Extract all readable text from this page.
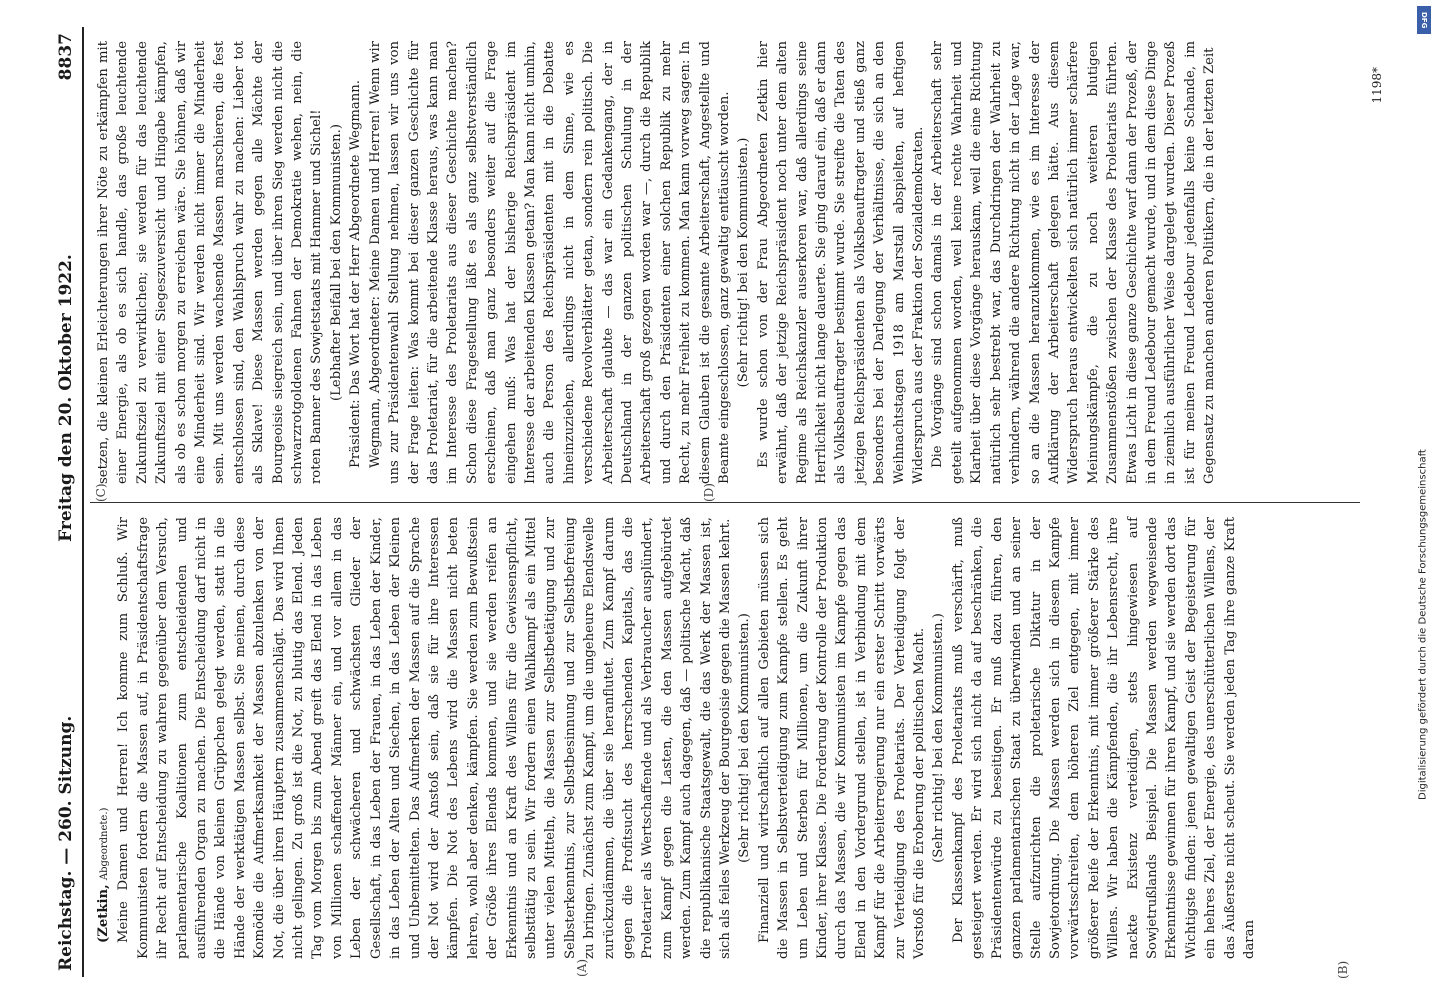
Reichstag. — 260. Sitzung.
Freitag den 20. Oktober 1922.
8837
(A)

(Zetkin, Abgeordnete.) Meine Damen und Herren! Ich komme zum Schluß. Wir Kommunisten fordern die Massen auf, in Präsidentschaftsfrage ihr Recht auf Entscheidung zu wahren gegenüber dem Versuch, parlamentarische Koalitionen zum entscheidenden und ausführenden Organ zu machen. Die Entscheidung darf nicht in die Hände von kleinen Grüppchen gelegt werden, statt in die Hände der werktätigen Massen selbst. Sie meinen, durch diese Komödie die Aufmerksamkeit der Massen abzulenken von der Not, die über ihren Häuptern zusammenschlägt. Das wird Ihnen nicht gelingen. Zu groß ist die Not, zu blutig das Elend. Jeden Tag vom Morgen bis zum Abend greift das Elend in das Leben von Millionen schaffender Männer ein, und vor allem in das Leben der schwächeren und schwächsten Glieder der Gesellschaft, in das Leben der Frauen, in das Leben der Kinder, in das Leben der Alten und Siechen, in das Leben der Kleinen und Unbemittelten. Das Aufmerken der Massen auf die Sprache der Not wird der Anstoß sein, daß sie für ihre Interessen kämpfen. Die Not des Lebens wird die Massen nicht beten lehren, wohl aber denken, kämpfen. Sie werden zum Bewußtsein der Größe ihres Elends kommen, und sie werden reifen an Erkenntnis und an Kraft des Willens für die Gewissenspflicht, selbsttätig zu sein. Wir fordern einen Wahlkampf als ein Mittel unter vielen Mitteln, die Massen zur Selbstbetätigung und zur Selbsterkenntnis, zur Selbstbesinnung und zur Selbstbefreiung zu bringen. Zunächst zum Kampf, um die ungeheure Elendswelle zurückzudämmen, die über sie heranflutet. Zum Kampf darum gegen die Profitsucht des herrschenden Kapitals, das die Proletarier als Wertschaffende und als Verbraucher ausplündert, zum Kampf gegen die Lasten, die den Massen aufgebürdet werden. Zum Kampf auch dagegen, daß — politische Macht, daß die republikanische Staatsgewalt, die das Werk der Massen ist, sich als feiles Werkzeug der Bourgeoisie gegen die Massen kehrt. (Sehr richtig! bei den Kommunisten.) Finanziell und wirtschaftlich auf allen Gebieten müssen sich die Massen in Selbstverteidigung zum Kampfe stellen. Es geht um Leben und Sterben für Millionen, um die Zukunft ihrer Kinder, ihrer Klasse. Die Forderung der Kontrolle der Produktion durch das Massen, die wir Kommunisten im Kampfe gegen das Elend in den Vordergrund stellen, ist in Verbindung mit dem Kampf für die Arbeiterregierung nur ein erster Schritt vorwärts zur Verteidigung des Proletariats. Der Verteidigung folgt der Vorstoß für die Eroberung der politischen Macht. (Sehr richtig! bei den Kommunisten.) Der Klassenkampf des Proletariats muß verschärft, muß gesteigert werden. Er wird sich nicht da auf beschränken, die Präsidentenwürde zu beseitigen. Er muß dazu führen, den ganzen parlamentarischen Staat zu überwinden und an seiner Stelle aufzurichten die proletarische Diktatur in der Sowjetordnung. Die Massen werden sich in diesem Kampfe vorwärtsschreiten, dem höheren Ziel entgegen, mit immer größerer Reife der Erkenntnis, mit immer größerer Stärke des Willens. Wir haben die Kämpfenden, die ihr Lebensrecht, ihre nackte Existenz verteidigen, stets hingewiesen auf Sowjetrußlands Beispiel. Die Massen werden wegweisende Erkenntnisse gewinnen für ihren Kampf, und sie werden dort das Wichtigste finden: jenen gewaltigen Geist der Begeisterung für ein hehres Ziel, der Energie, des unerschütterlichen Willens, der das Äußerste nicht scheut. Sie werden jeden Tag ihre ganze Kraft daran

(C)	(D)

setzen, die kleinen Erleichterungen ihrer Nöte zu erkämpfen mit einer Energie, als ob es sich handle, das große leuchtende Zukunftsziel zu verwirklichen; sie werden für das leuchtende Zukunftsziel mit einer Siegeszuversicht und Hingabe kämpfen, als ob es schon morgen zu erreichen wäre. Sie höhnen, daß wir eine Minderheit sind. Wir werden nicht immer die Minderheit sein. Mit uns werden wachsende Massen marschieren, die fest entschlossen sind, den Wahlspruch wahr zu machen: Lieber tot als Sklave! Diese Massen werden gegen alle Mächte der Bourgeoisie siegreich sein, und über ihren Sieg werden nicht die schwarzrotgoldenen Fahnen der Demokratie wehen, nein, die roten Banner des Sowjetstaats mit Hammer und Sichel! (Lebhafter Beifall bei den Kommunisten.) Präsident: Das Wort hat der Herr Abgeordnete Wegmann. Wegmann, Abgeordneter: Meine Damen und Herren! Wenn wir uns zur Präsidentenwahl Stellung nehmen, lassen wir uns von der Frage leiten: Was kommt bei dieser ganzen Geschichte für das Proletariat, für die arbeitende Klasse heraus, was kann man im Interesse des Proletariats aus dieser Geschichte machen? Schon diese Fragestellung läßt es als ganz selbstverständlich erscheinen, daß man ganz besonders weiter auf die Frage eingehen muß: Was hat der bisherige Reichspräsident im Interesse der arbeitenden Klassen getan? Man kann nicht umhin, auch die Person des Reichspräsidenten mit in die Debatte hineinzuziehen, allerdings nicht in dem Sinne, wie es verschiedene Revolverblätter getan, sondern rein politisch. Die Arbeiterschaft glaubte — das war ein Gedankengang, der in Deutschland in der ganzen politischen Schulung in der Arbeiterschaft groß gezogen worden war —, durch die Republik und durch den Präsidenten einer solchen Republik zu mehr Recht, zu mehr Freiheit zu kommen. Man kann vorweg sagen: In diesem Glauben ist die gesamte Arbeiterschaft, Angestellte und Beamte eingeschlossen, ganz gewaltig enttäuscht worden. (Sehr richtig! bei den Kommunisten.) Es wurde schon von der Frau Abgeordneten Zetkin hier erwähnt, daß der jetzige Reichspräsident noch unter dem alten Regime als Reichskanzler auserkoren war, daß allerdings seine Herrlichkeit nicht lange dauerte. Sie ging darauf ein, daß er dann als Volksbeauftragter bestimmt wurde. Sie streifte die Taten des jetzigen Reichspräsidenten als Volksbeauftragter und stieß ganz besonders bei der Darlegung der Verhältnisse, die sich an den Weihnachtstagen 1918 am Marstall abspielten, auf heftigen Widerspruch aus der Fraktion der Sozialdemokraten. Die Vorgänge sind schon damals in der Arbeiterschaft sehr geteilt aufgenommen worden, weil keine rechte Wahrheit und Klarheit über diese Vorgänge herauskam, weil die eine Richtung natürlich sehr bestrebt war, das Durchdringen der Wahrheit zu verhindern, während die andere Richtung nicht in der Lage war, so an die Massen heranzukommen, wie es im Interesse der Aufklärung der Arbeiterschaft gelegen hätte. Aus diesem Widerspruch heraus entwickelten sich natürlich immer schärfere Meinungskämpfe, die zu noch weiteren blutigen Zusammenstößen zwischen der Klasse des Proletariats führten. Etwas Licht in diese ganze Geschichte warf dann der Prozeß, der in dem Freund Ledebour gemacht wurde, und in dem diese Dinge in ziemlich ausführlicher Weise dargelegt wurden. Dieser Prozeß ist für meinen Freund Ledebour jedenfalls keine Schande, im Gegensatz zu manchen anderen Politikern, die in der letzten Zeit

(B)
1198*
Digitalisierung gefördert durch die Deutsche Forschungsgemeinschaft
DFG
